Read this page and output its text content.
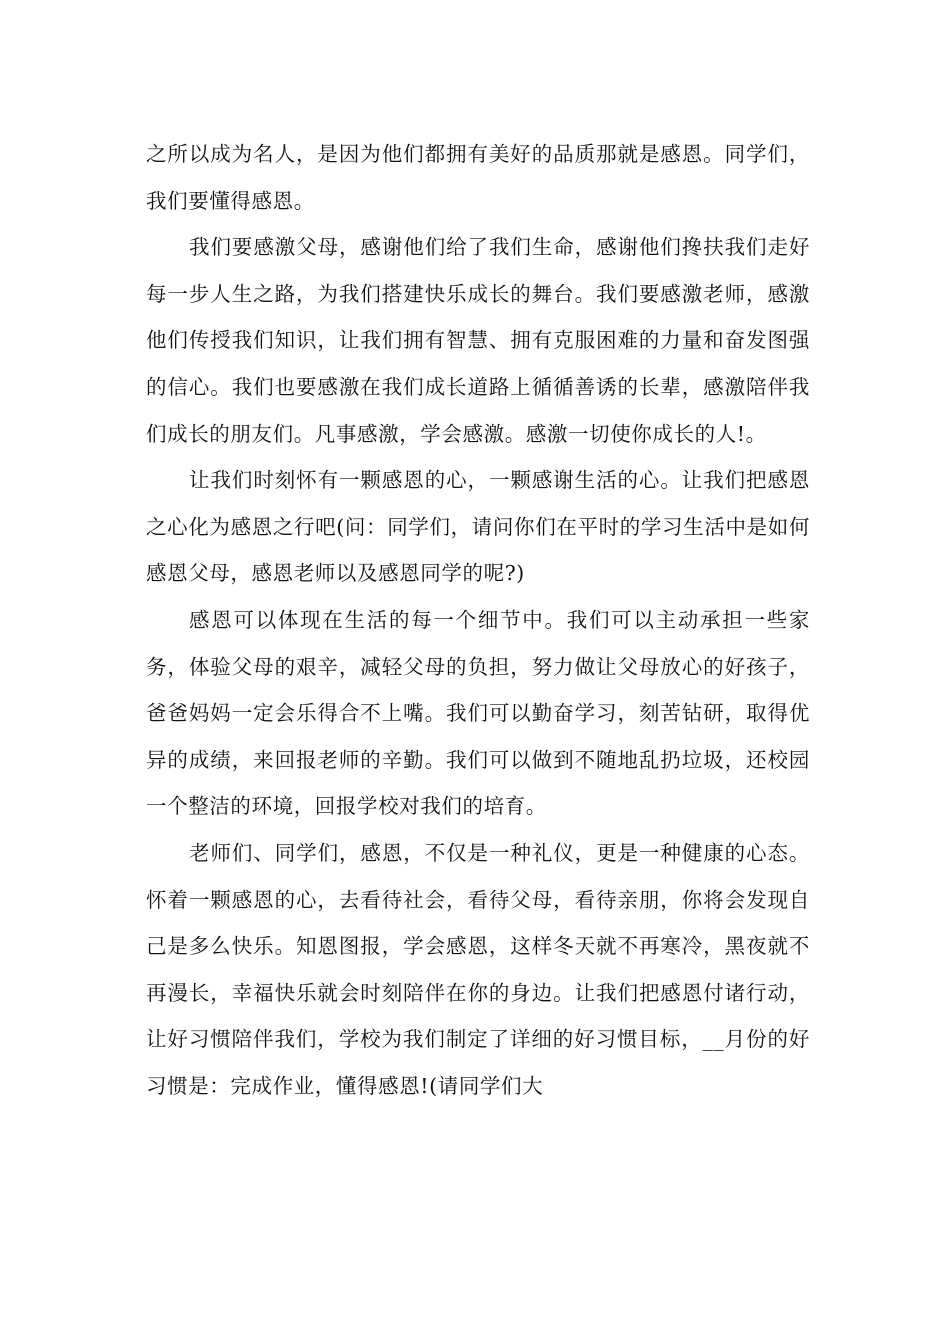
之所以成为名人，是因为他们都拥有美好的品质那就是感恩。同学们，我们要懂得感恩。

我们要感激父母，感谢他们给了我们生命，感谢他们搀扶我们走好每一步人生之路，为我们搭建快乐成长的舞台。我们要感激老师，感激他们传授我们知识，让我们拥有智慧、拥有克服困难的力量和奋发图强的信心。我们也要感激在我们成长道路上循循善诱的长辈，感激陪伴我们成长的朋友们。凡事感激，学会感激。感激一切使你成长的人!。

让我们时刻怀有一颗感恩的心，一颗感谢生活的心。让我们把感恩之心化为感恩之行吧(问：同学们，请问你们在平时的学习生活中是如何感恩父母，感恩老师以及感恩同学的呢?)

感恩可以体现在生活的每一个细节中。我们可以主动承担一些家务，体验父母的艰辛，减轻父母的负担，努力做让父母放心的好孩子，爸爸妈妈一定会乐得合不上嘴。我们可以勤奋学习，刻苦钻研，取得优异的成绩，来回报老师的辛勤。我们可以做到不随地乱扔垃圾，还校园一个整洁的环境，回报学校对我们的培育。

老师们、同学们，感恩，不仅是一种礼仪，更是一种健康的心态。怀着一颗感恩的心，去看待社会，看待父母，看待亲朋，你将会发现自己是多么快乐。知恩图报，学会感恩，这样冬天就不再寒冷，黑夜就不再漫长，幸福快乐就会时刻陪伴在你的身边。让我们把感恩付诸行动，让好习惯陪伴我们，学校为我们制定了详细的好习惯目标，__月份的好习惯是：完成作业，懂得感恩!(请同学们大
